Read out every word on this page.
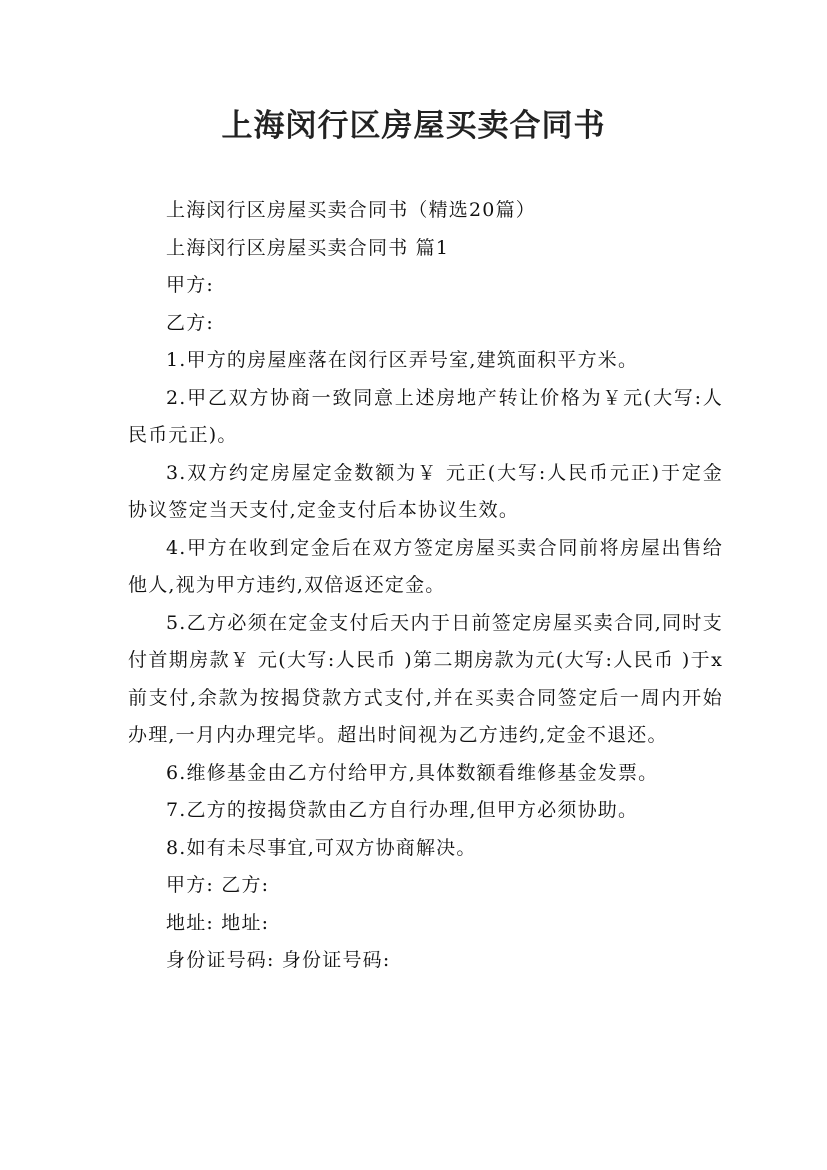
上海闵行区房屋买卖合同书

上海闵行区房屋买卖合同书（精选20篇）

上海闵行区房屋买卖合同书 篇1

甲方:

乙方:

1.甲方的房屋座落在闵行区弄号室,建筑面积平方米。

2.甲乙双方协商一致同意上述房地产转让价格为￥元(大写:人民币元正)。

3.双方约定房屋定金数额为￥ 元正(大写:人民币元正)于定金协议签定当天支付,定金支付后本协议生效。

4.甲方在收到定金后在双方签定房屋买卖合同前将房屋出售给他人,视为甲方违约,双倍返还定金。

5.乙方必须在定金支付后天内于日前签定房屋买卖合同,同时支付首期房款￥ 元(大写:人民币 )第二期房款为元(大写:人民币 )于x前支付,余款为按揭贷款方式支付,并在买卖合同签定后一周内开始办理,一月内办理完毕。超出时间视为乙方违约,定金不退还。

6.维修基金由乙方付给甲方,具体数额看维修基金发票。

7.乙方的按揭贷款由乙方自行办理,但甲方必须协助。

8.如有未尽事宜,可双方协商解决。

甲方: 乙方:

地址: 地址:

身份证号码: 身份证号码:
